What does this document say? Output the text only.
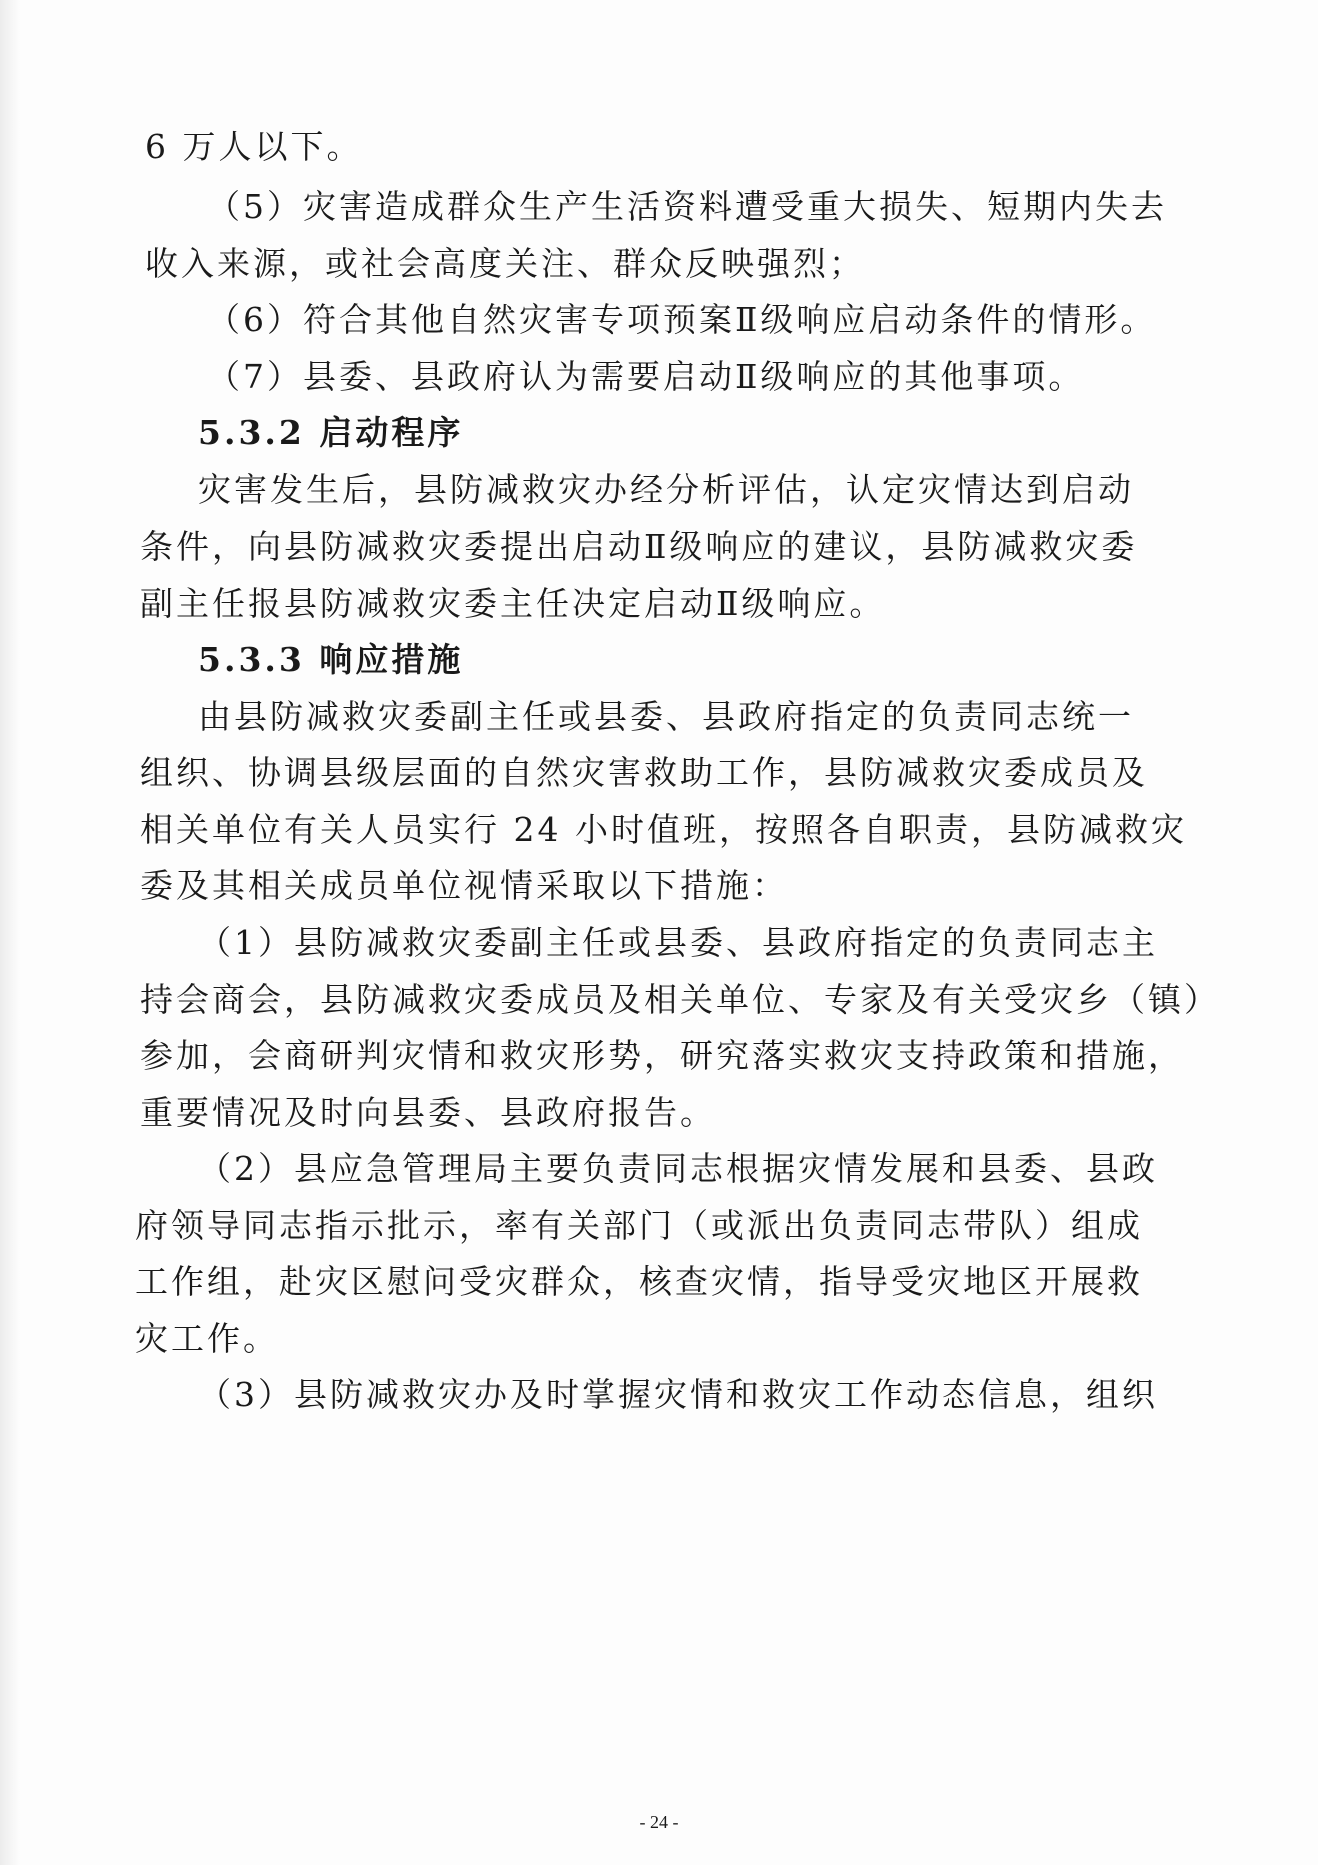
6 万人以下。
（5）灾害造成群众生产生活资料遭受重大损失、短期内失去
收入来源，或社会高度关注、群众反映强烈；
（6）符合其他自然灾害专项预案Ⅱ级响应启动条件的情形。
（7）县委、县政府认为需要启动Ⅱ级响应的其他事项。
5.3.2 启动程序
灾害发生后，县防减救灾办经分析评估，认定灾情达到启动
条件，向县防减救灾委提出启动Ⅱ级响应的建议，县防减救灾委
副主任报县防减救灾委主任决定启动Ⅱ级响应。
5.3.3 响应措施
由县防减救灾委副主任或县委、县政府指定的负责同志统一
组织、协调县级层面的自然灾害救助工作，县防减救灾委成员及
相关单位有关人员实行 24 小时值班，按照各自职责，县防减救灾
委及其相关成员单位视情采取以下措施：
（1）县防减救灾委副主任或县委、县政府指定的负责同志主
持会商会，县防减救灾委成员及相关单位、专家及有关受灾乡（镇）
参加，会商研判灾情和救灾形势，研究落实救灾支持政策和措施，
重要情况及时向县委、县政府报告。
（2）县应急管理局主要负责同志根据灾情发展和县委、县政
府领导同志指示批示，率有关部门（或派出负责同志带队）组成
工作组，赴灾区慰问受灾群众，核查灾情，指导受灾地区开展救
灾工作。
（3）县防减救灾办及时掌握灾情和救灾工作动态信息，组织
- 24 -
